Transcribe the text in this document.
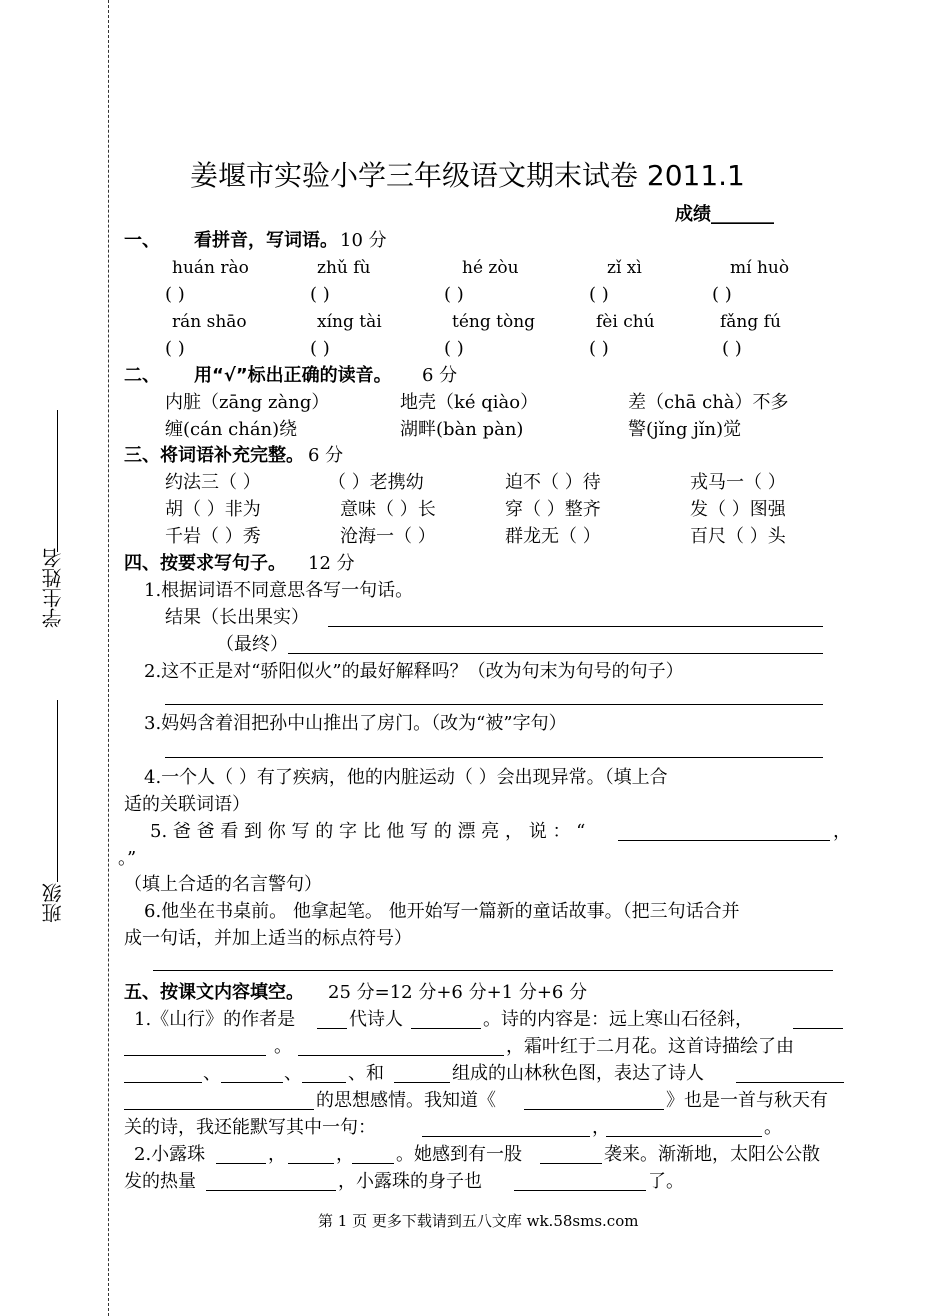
学生姓名
班级
姜堰市实验小学三年级语文期末试卷 2011.1
成绩_______
一、 看拼音，写词语。 10 分
huán rào	zhǔ fù	hé zòu	zǐ xì	mí huò
( )	( )	( )	( )	( )
rán shāo	xíng tài	téng tòng	fèi chú	fǎng fú
( )	( )	( )	( )	( )
二、 用“√”标出正确的读音。 6 分
内脏（zāng zàng）	地壳（ké qiào）	差（chā chà）不多
缠(cán chán)绕	湖畔(bàn pàn)	警(jǐng jǐn)觉
三、将词语补充完整。 6 分
约法三（ ）	（ ）老携幼	迫不（ ）待	戎马一（ ）
胡（ ）非为	意味（ ）长	穿（ ）整齐	发（ ）图强
千岩（ ）秀	沧海一（ ）	群龙无（ ）	百尺（ ）头
四、按要求写句子。 12 分
1.根据词语不同意思各写一句话。
结果（长出果实）
（最终）
2.这不正是对“骄阳似火”的最好解释吗？（改为句末为句号的句子）
3.妈妈含着泪把孙中山推出了房门。（改为“被”字句）
4.一个人（ ）有了疾病，他的内脏运动（ ）会出现异常。（填上合
适的关联词语）
5. 爸 爸 看 到 你 写 的 字 比 他 写 的 漂 亮 ， 说 ： “	，
。”
（填上合适的名言警句）
6.他坐在书桌前。 他拿起笔。 他开始写一篇新的童话故事。（把三句话合并
成一句话，并加上适当的标点符号）
五、按课文内容填空。 25 分=12 分+6 分+1 分+6 分
1.《山行》的作者是	代诗人	。诗的内容是：远上寒山石径斜，
。	，霜叶红于二月花。这首诗描绘了由
、	、	、和	组成的山林秋色图，表达了诗人
的思想感情。我知道《	》也是一首与秋天有
关的诗，我还能默写其中一句：	，	。
2.小露珠	，	， 。她感到有一股	袭来。渐渐地，太阳公公散
发的热量	，小露珠的身子也	了。
第 1 页 更多下载请到五八文库 wk.58sms.com
